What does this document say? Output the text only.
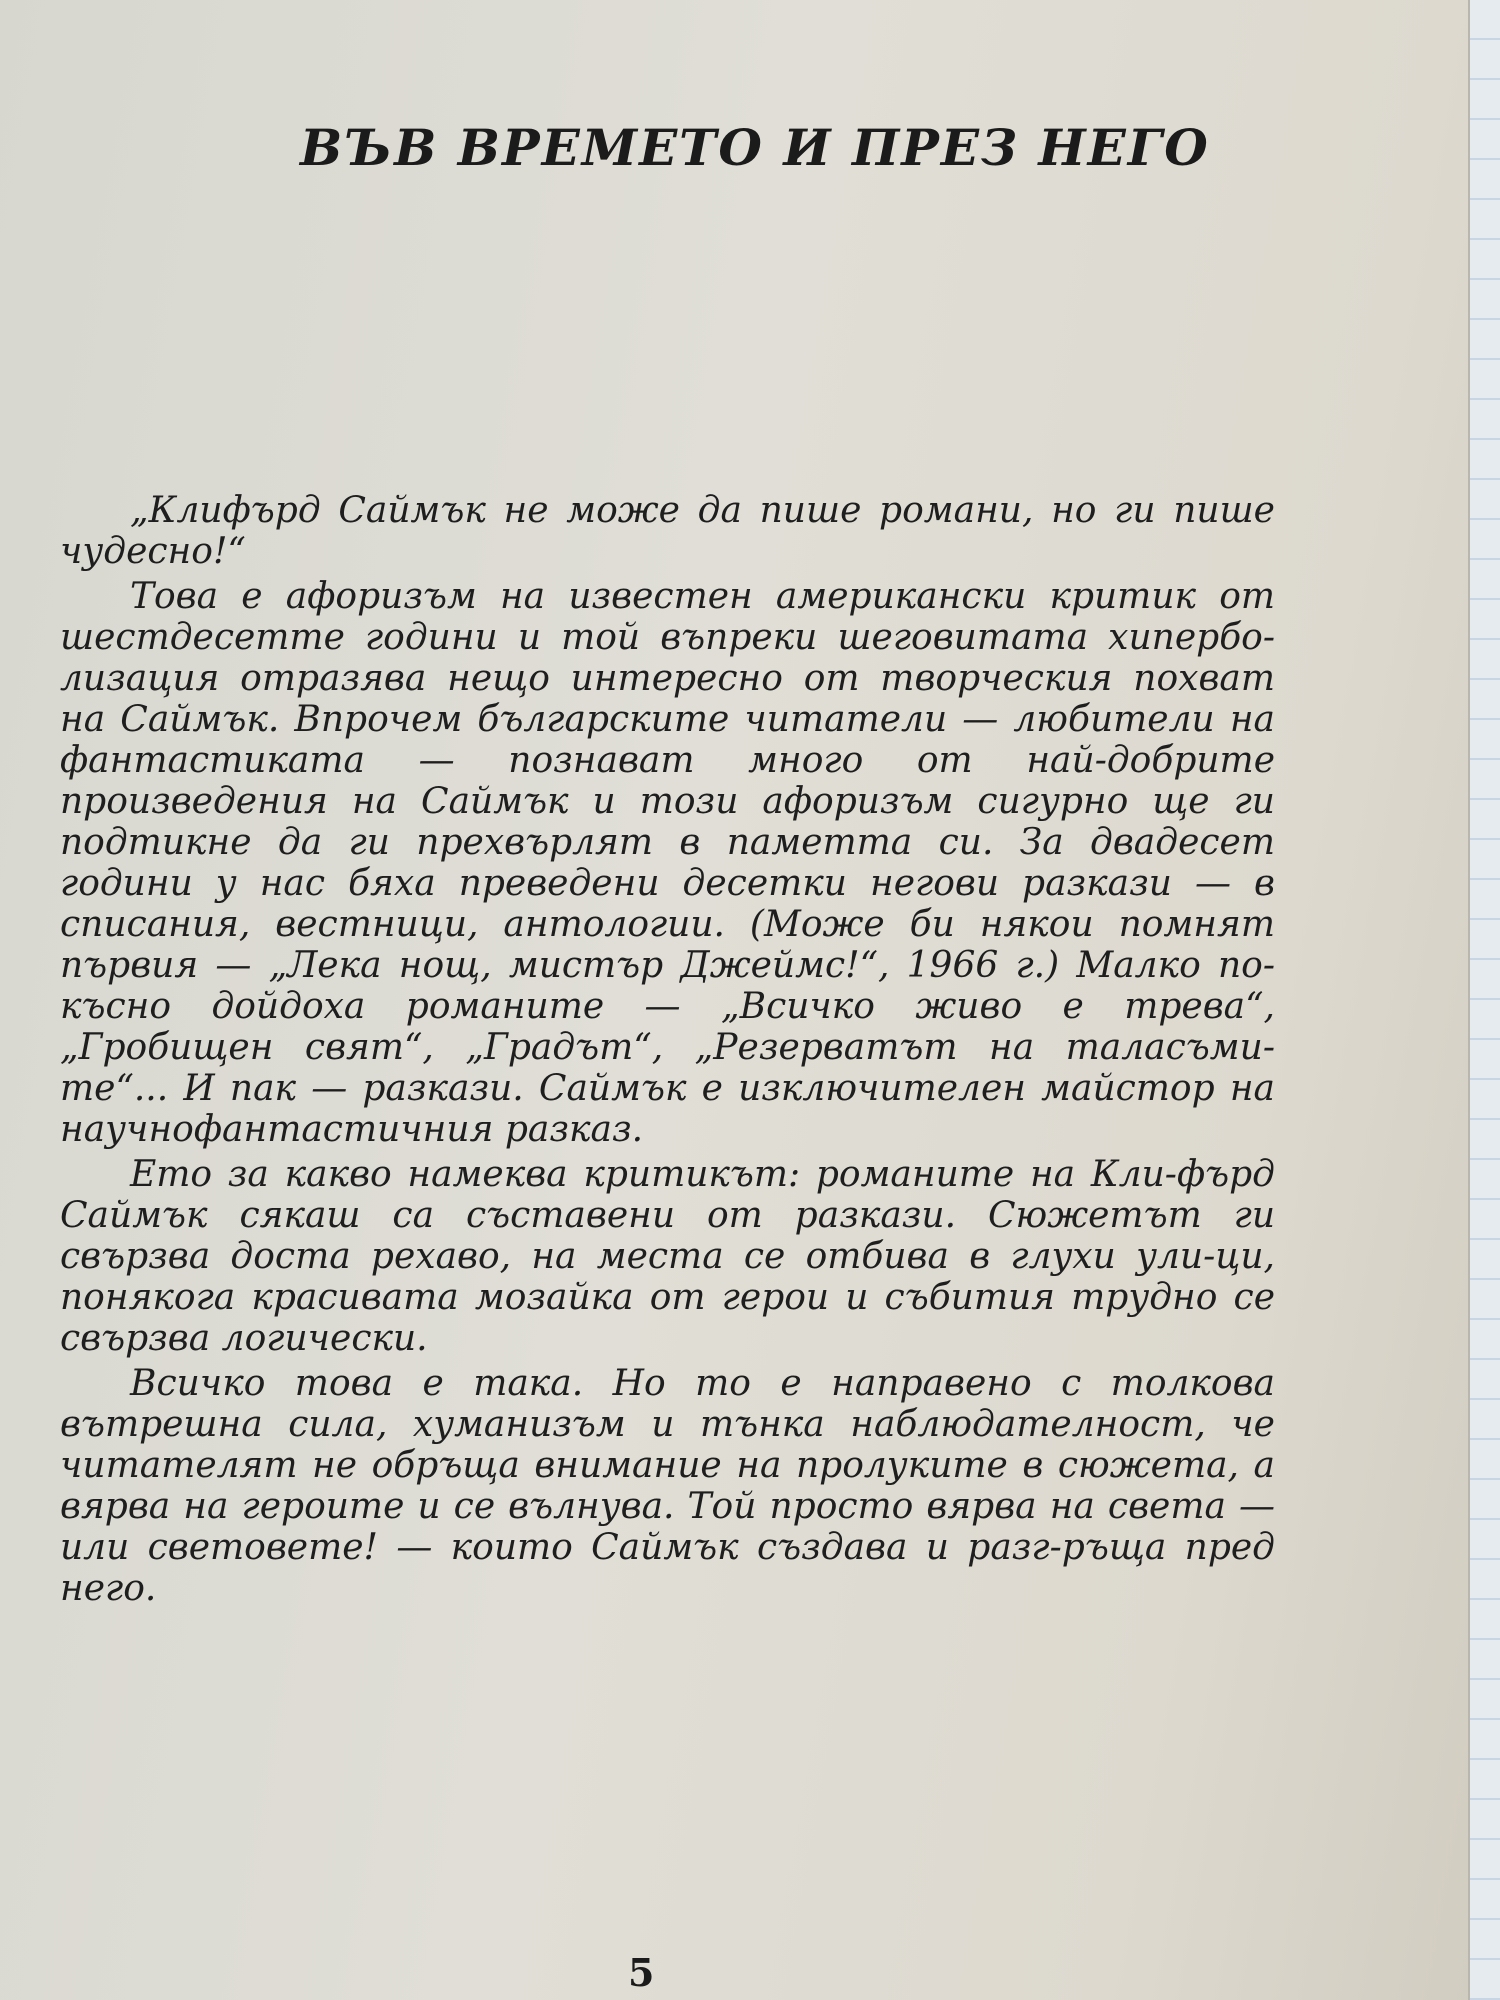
ВЪВ ВРЕМЕТО И ПРЕЗ НЕГО

„Клифърд Саймък не може да пише романи, но ги пише чудесно!“

Това е афоризъм на известен американски критик от шестдесетте години и той въпреки шеговитата хипербо-лизация отразява нещо интересно от творческия похват на Саймък. Впрочем българските читатели — любители на фантастиката — познават много от най-добрите произведения на Саймък и този афоризъм сигурно ще ги подтикне да ги прехвърлят в паметта си. За двадесет години у нас бяха преведени десетки негови разкази — в списания, вестници, антологии. (Може би някои помнят първия — „Лека нощ, мистър Джеймс!“, 1966 г.) Малко по-късно дойдоха романите — „Всичко живо е трева“, „Гробищен свят“, „Градът“, „Резерватът на таласъми-те“... И пак — разкази. Саймък е изключителен майстор на научнофантастичния разказ.

Ето за какво намеква критикът: романите на Кли-фърд Саймък сякаш са съставени от разкази. Сюжетът ги свързва доста рехаво, на места се отбива в глухи ули-ци, понякога красивата мозайка от герои и събития трудно се свързва логически.

Всичко това е така. Но то е направено с толкова вътрешна сила, хуманизъм и тънка наблюдателност, че читателят не обръща внимание на пролуките в сюжета, а вярва на героите и се вълнува. Той просто вярва на света — или световете! — които Саймък създава и разг-ръща пред него.

5
